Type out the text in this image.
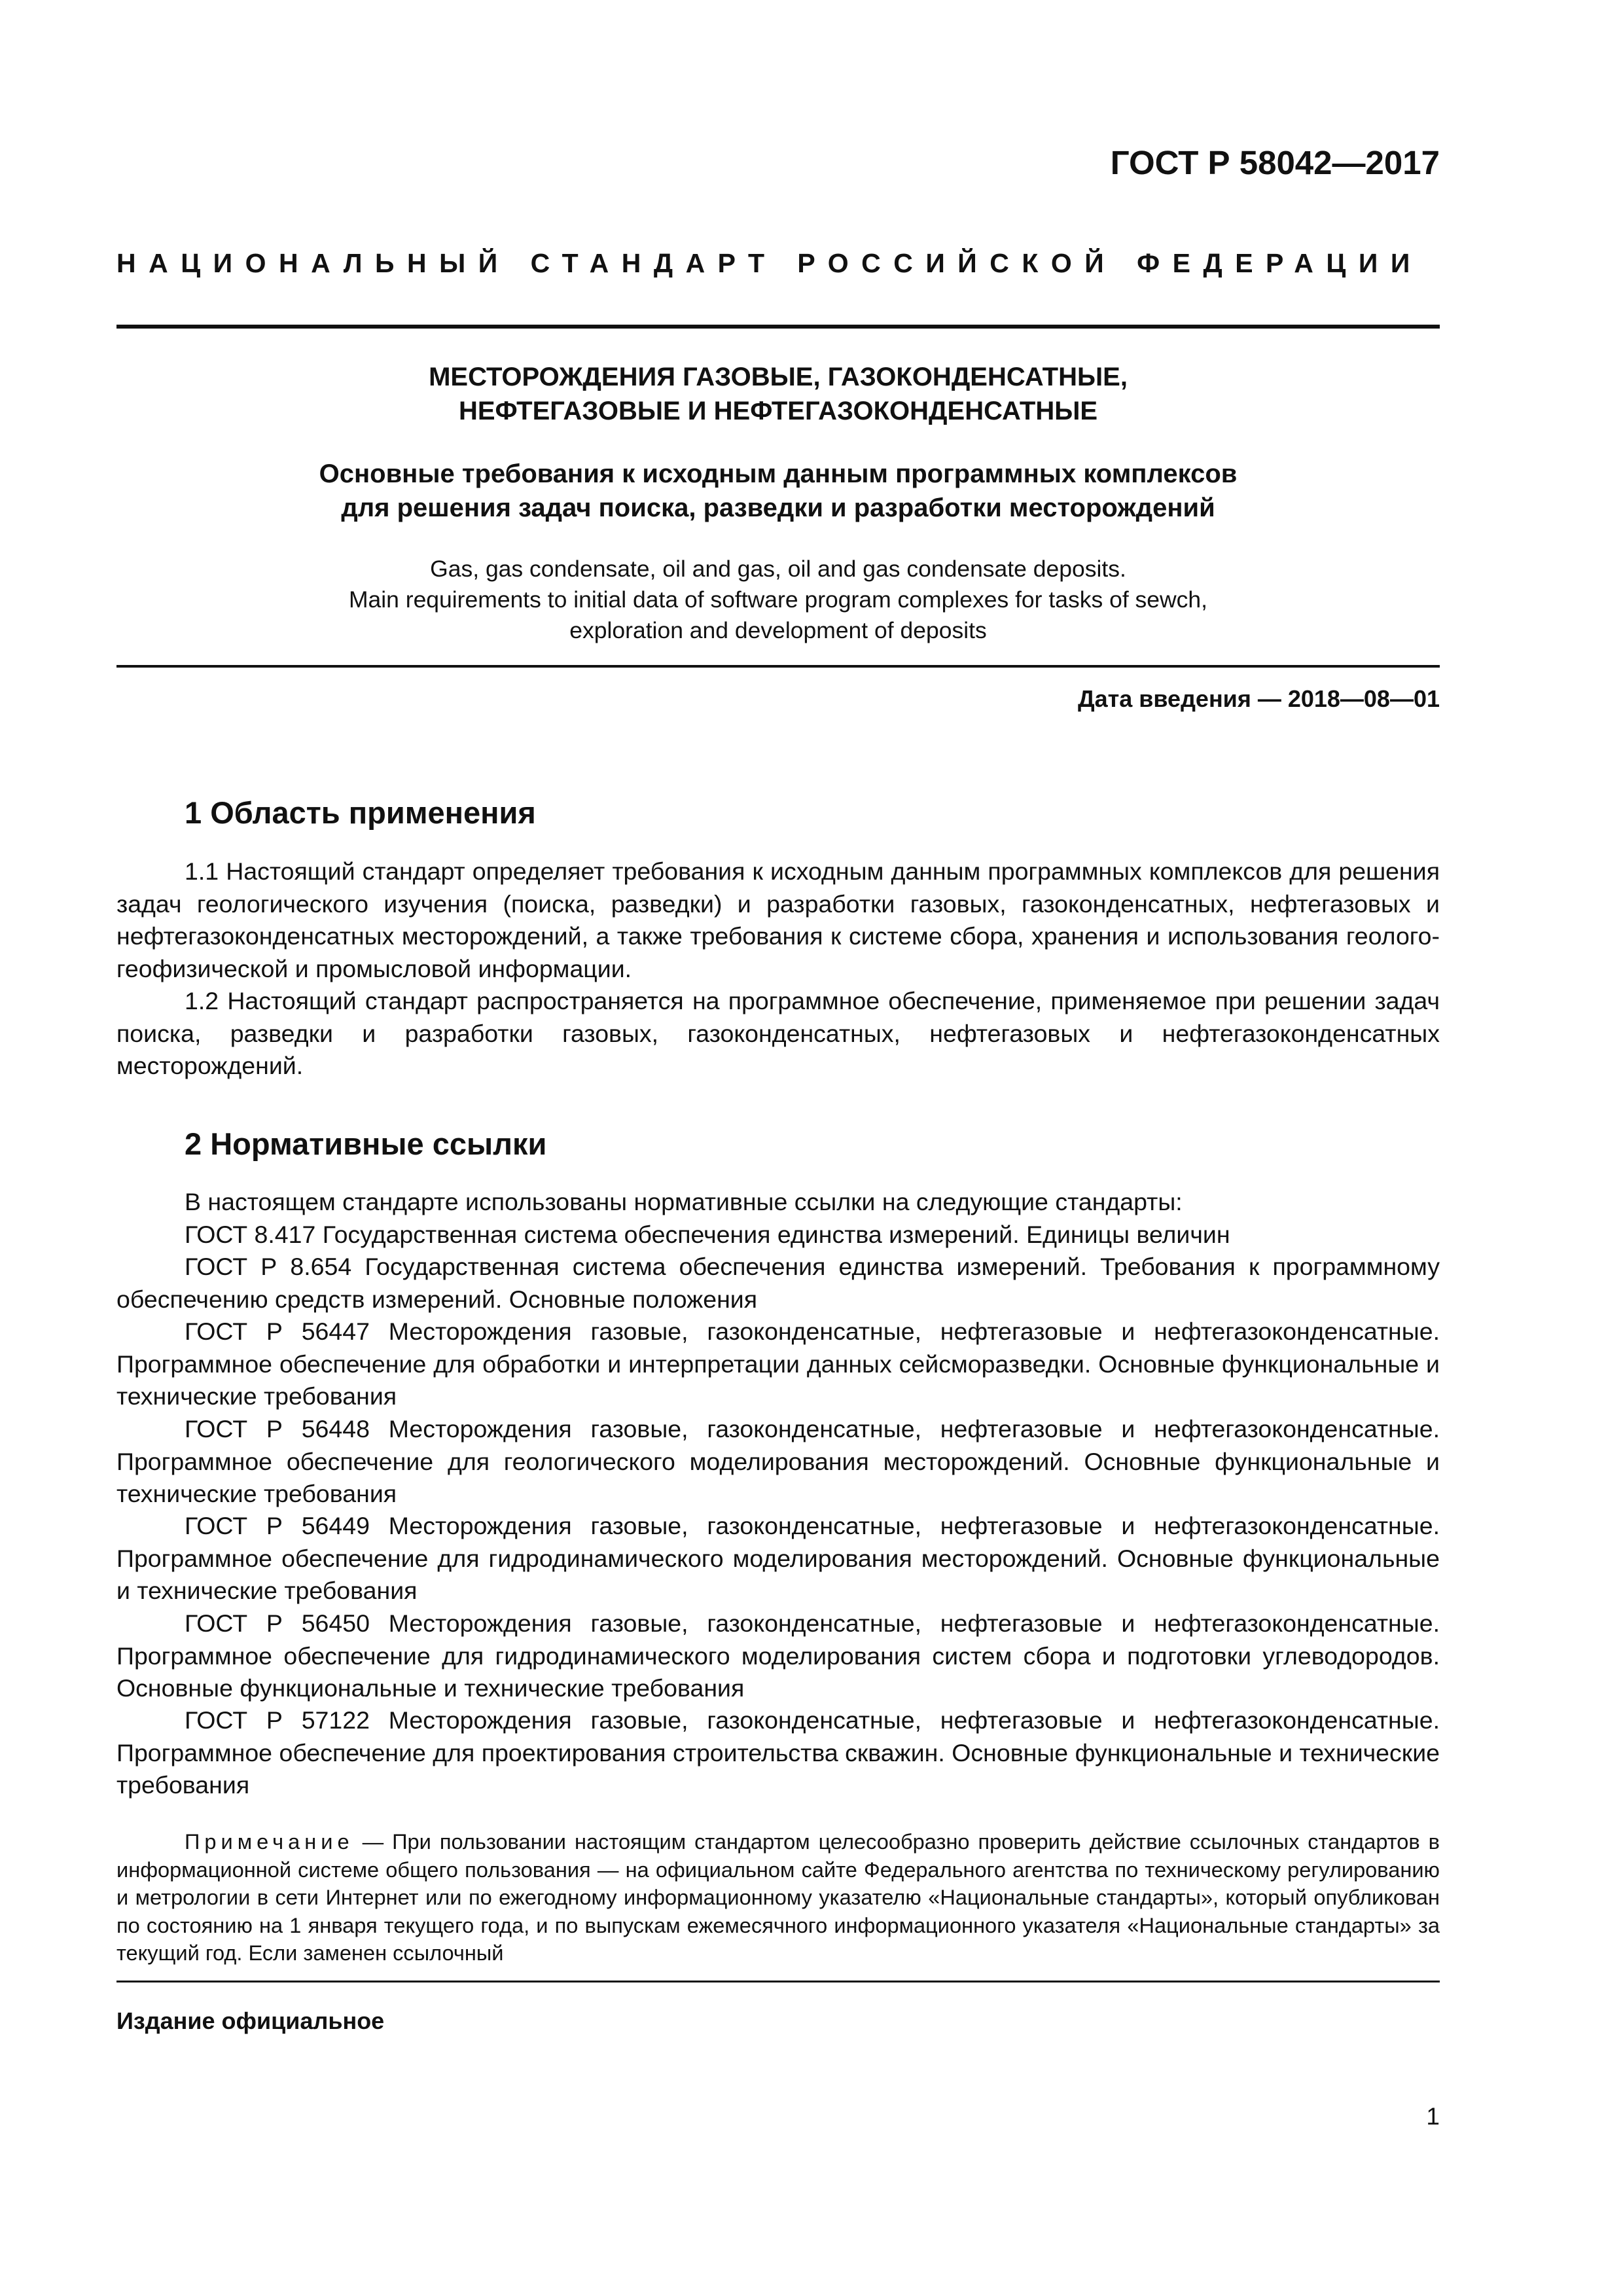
ГОСТ Р 58042—2017
НАЦИОНАЛЬНЫЙ СТАНДАРТ РОССИЙСКОЙ ФЕДЕРАЦИИ
МЕСТОРОЖДЕНИЯ ГАЗОВЫЕ, ГАЗОКОНДЕНСАТНЫЕ,
НЕФТЕГАЗОВЫЕ И НЕФТЕГАЗОКОНДЕНСАТНЫЕ
Основные требования к исходным данным программных комплексов
для решения задач поиска, разведки и разработки месторождений
Gas, gas condensate, oil and gas, oil and gas condensate deposits.
Main requirements to initial data of software program complexes for tasks of sewch,
exploration and development of deposits
Дата введения — 2018—08—01
1 Область применения
1.1 Настоящий стандарт определяет требования к исходным данным программных комплексов для решения задач геологического изучения (поиска, разведки) и разработки газовых, газоконденсатных, нефтегазовых и нефтегазоконденсатных месторождений, а также требования к системе сбора, хранения и использования геолого-геофизической и промысловой информации.
1.2 Настоящий стандарт распространяется на программное обеспечение, применяемое при решении задач поиска, разведки и разработки газовых, газоконденсатных, нефтегазовых и нефтегазоконденсатных месторождений.
2 Нормативные ссылки
В настоящем стандарте использованы нормативные ссылки на следующие стандарты:
ГОСТ 8.417 Государственная система обеспечения единства измерений. Единицы величин
ГОСТ Р 8.654 Государственная система обеспечения единства измерений. Требования к программному обеспечению средств измерений. Основные положения
ГОСТ Р 56447 Месторождения газовые, газоконденсатные, нефтегазовые и нефтегазоконденсатные. Программное обеспечение для обработки и интерпретации данных сейсморазведки. Основные функциональные и технические требования
ГОСТ Р 56448 Месторождения газовые, газоконденсатные, нефтегазовые и нефтегазоконденсатные. Программное обеспечение для геологического моделирования месторождений. Основные функциональные и технические требования
ГОСТ Р 56449 Месторождения газовые, газоконденсатные, нефтегазовые и нефтегазоконденсатные. Программное обеспечение для гидродинамического моделирования месторождений. Основные функциональные и технические требования
ГОСТ Р 56450 Месторождения газовые, газоконденсатные, нефтегазовые и нефтегазоконденсатные. Программное обеспечение для гидродинамического моделирования систем сбора и подготовки углеводородов. Основные функциональные и технические требования
ГОСТ Р 57122 Месторождения газовые, газоконденсатные, нефтегазовые и нефтегазоконденсатные. Программное обеспечение для проектирования строительства скважин. Основные функциональные и технические требования
Примечание — При пользовании настоящим стандартом целесообразно проверить действие ссылочных стандартов в информационной системе общего пользования — на официальном сайте Федерального агентства по техническому регулированию и метрологии в сети Интернет или по ежегодному информационному указателю «Национальные стандарты», который опубликован по состоянию на 1 января текущего года, и по выпускам ежемесячного информационного указателя «Национальные стандарты» за текущий год. Если заменен ссылочный
Издание официальное
1
